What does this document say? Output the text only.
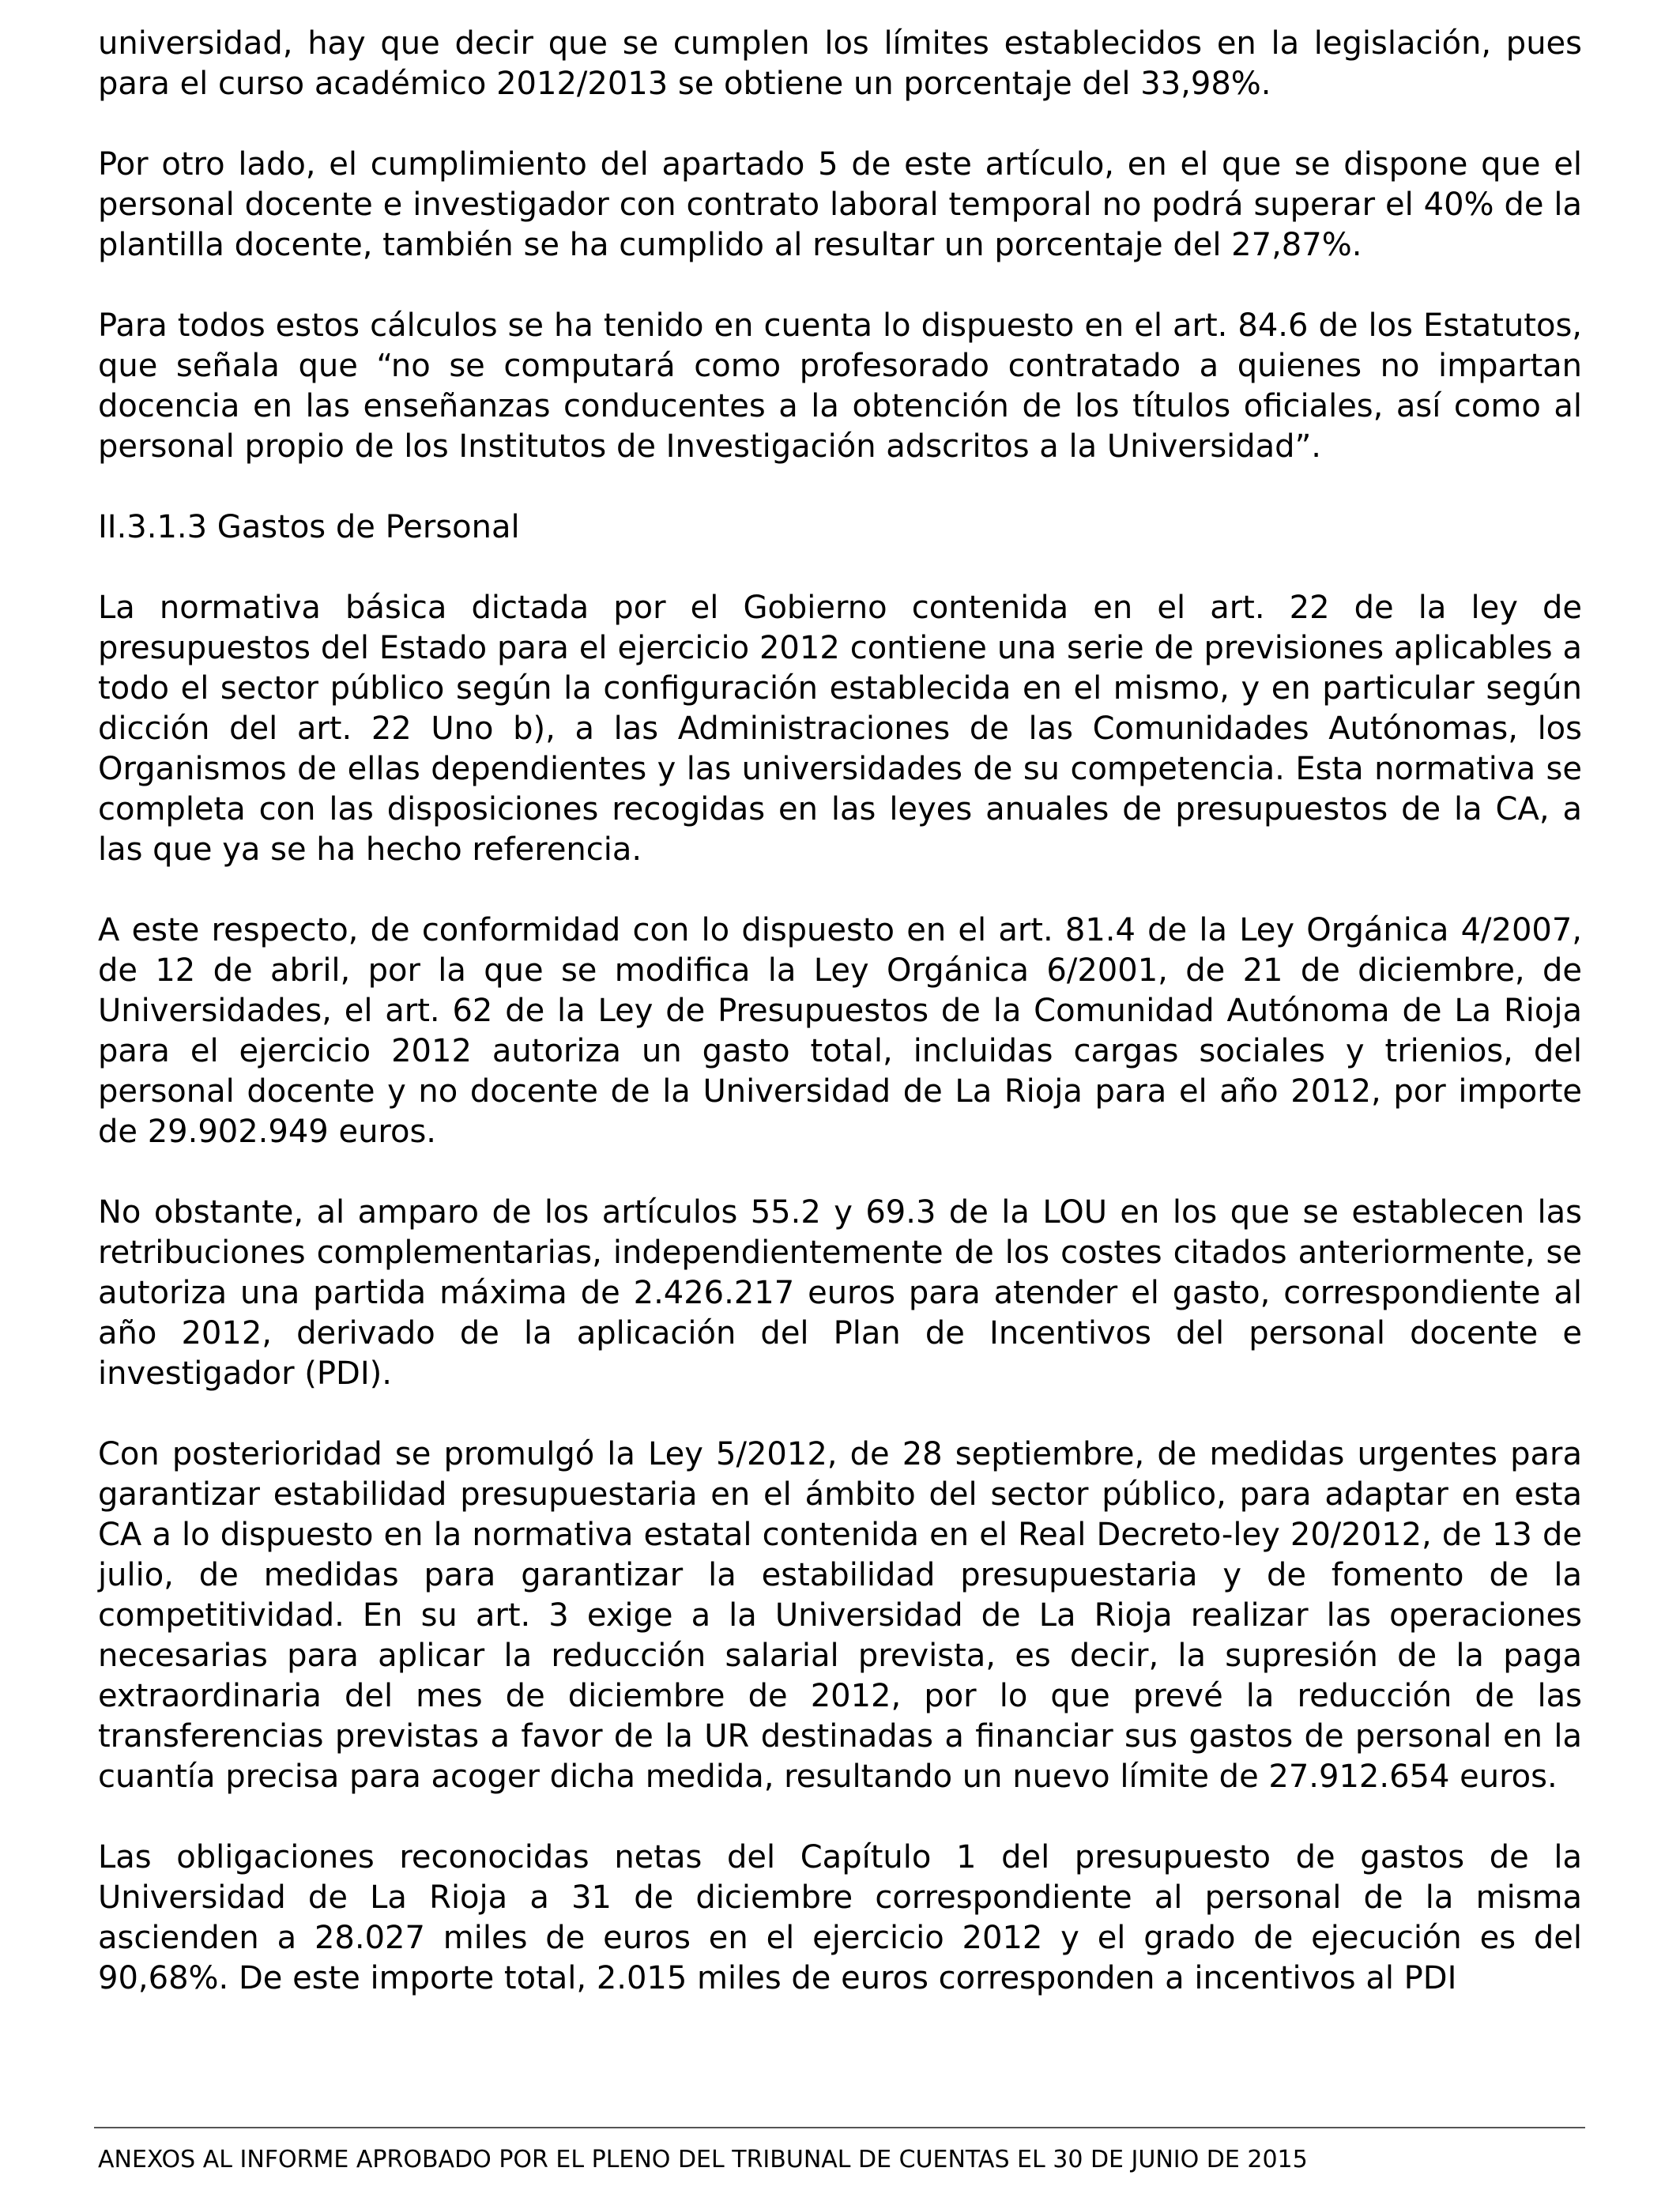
universidad, hay que decir que se cumplen los límites establecidos en la legislación, pues para el curso académico 2012/2013 se obtiene un porcentaje del 33,98%.

Por otro lado, el cumplimiento del apartado 5 de este artículo, en el que se dispone que el personal docente e investigador con contrato laboral temporal no podrá superar el 40% de la plantilla docente, también se ha cumplido al resultar un porcentaje del 27,87%.

Para todos estos cálculos se ha tenido en cuenta lo dispuesto en el art. 84.6 de los Estatutos, que señala que “no se computará como profesorado contratado a quienes no impartan docencia en las enseñanzas conducentes a la obtención de los títulos oficiales, así como al personal propio de los Institutos de Investigación adscritos a la Universidad”.

II.3.1.3 Gastos de Personal

La normativa básica dictada por el Gobierno contenida en el art. 22 de la ley de presupuestos del Estado para el ejercicio 2012 contiene una serie de previsiones aplicables a todo el sector público según la configuración establecida en el mismo, y en particular según dicción del art. 22 Uno b), a las Administraciones de las Comunidades Autónomas, los Organismos de ellas dependientes y las universidades de su competencia. Esta normativa se completa con las disposiciones recogidas en las leyes anuales de presupuestos de la CA, a las que ya se ha hecho referencia.

A este respecto, de conformidad con lo dispuesto en el art. 81.4 de la Ley Orgánica 4/2007, de 12 de abril, por la que se modifica la Ley Orgánica 6/2001, de 21 de diciembre, de Universidades, el art. 62 de la Ley de Presupuestos de la Comunidad Autónoma de La Rioja para el ejercicio 2012 autoriza un gasto total, incluidas cargas sociales y trienios, del personal docente y no docente de la Universidad de La Rioja para el año 2012, por importe de 29.902.949 euros.

No obstante, al amparo de los artículos 55.2 y 69.3 de la LOU en los que se establecen las retribuciones complementarias, independientemente de los costes citados anteriormente, se autoriza una partida máxima de 2.426.217 euros para atender el gasto, correspondiente al año 2012, derivado de la aplicación del Plan de Incentivos del personal docente e investigador (PDI).

Con posterioridad se promulgó la Ley 5/2012, de 28 septiembre, de medidas urgentes para garantizar estabilidad presupuestaria en el ámbito del sector público, para adaptar en esta CA a lo dispuesto en la normativa estatal contenida en el Real Decreto-ley 20/2012, de 13 de julio, de medidas para garantizar la estabilidad presupuestaria y de fomento de la competitividad. En su art. 3 exige a la Universidad de La Rioja realizar las operaciones necesarias para aplicar la reducción salarial prevista, es decir, la supresión de la paga extraordinaria del mes de diciembre de 2012, por lo que prevé la reducción de las transferencias previstas a favor de la UR destinadas a financiar sus gastos de personal en la cuantía precisa para acoger dicha medida, resultando un nuevo límite de 27.912.654 euros.

Las obligaciones reconocidas netas del Capítulo 1 del presupuesto de gastos de la Universidad de La Rioja a 31 de diciembre correspondiente al personal de la misma ascienden a 28.027 miles de euros en el ejercicio 2012 y el grado de ejecución es del 90,68%. De este importe total, 2.015 miles de euros corresponden a incentivos al PDI

ANEXOS AL INFORME APROBADO POR EL PLENO DEL TRIBUNAL DE CUENTAS EL 30 DE JUNIO DE 2015
